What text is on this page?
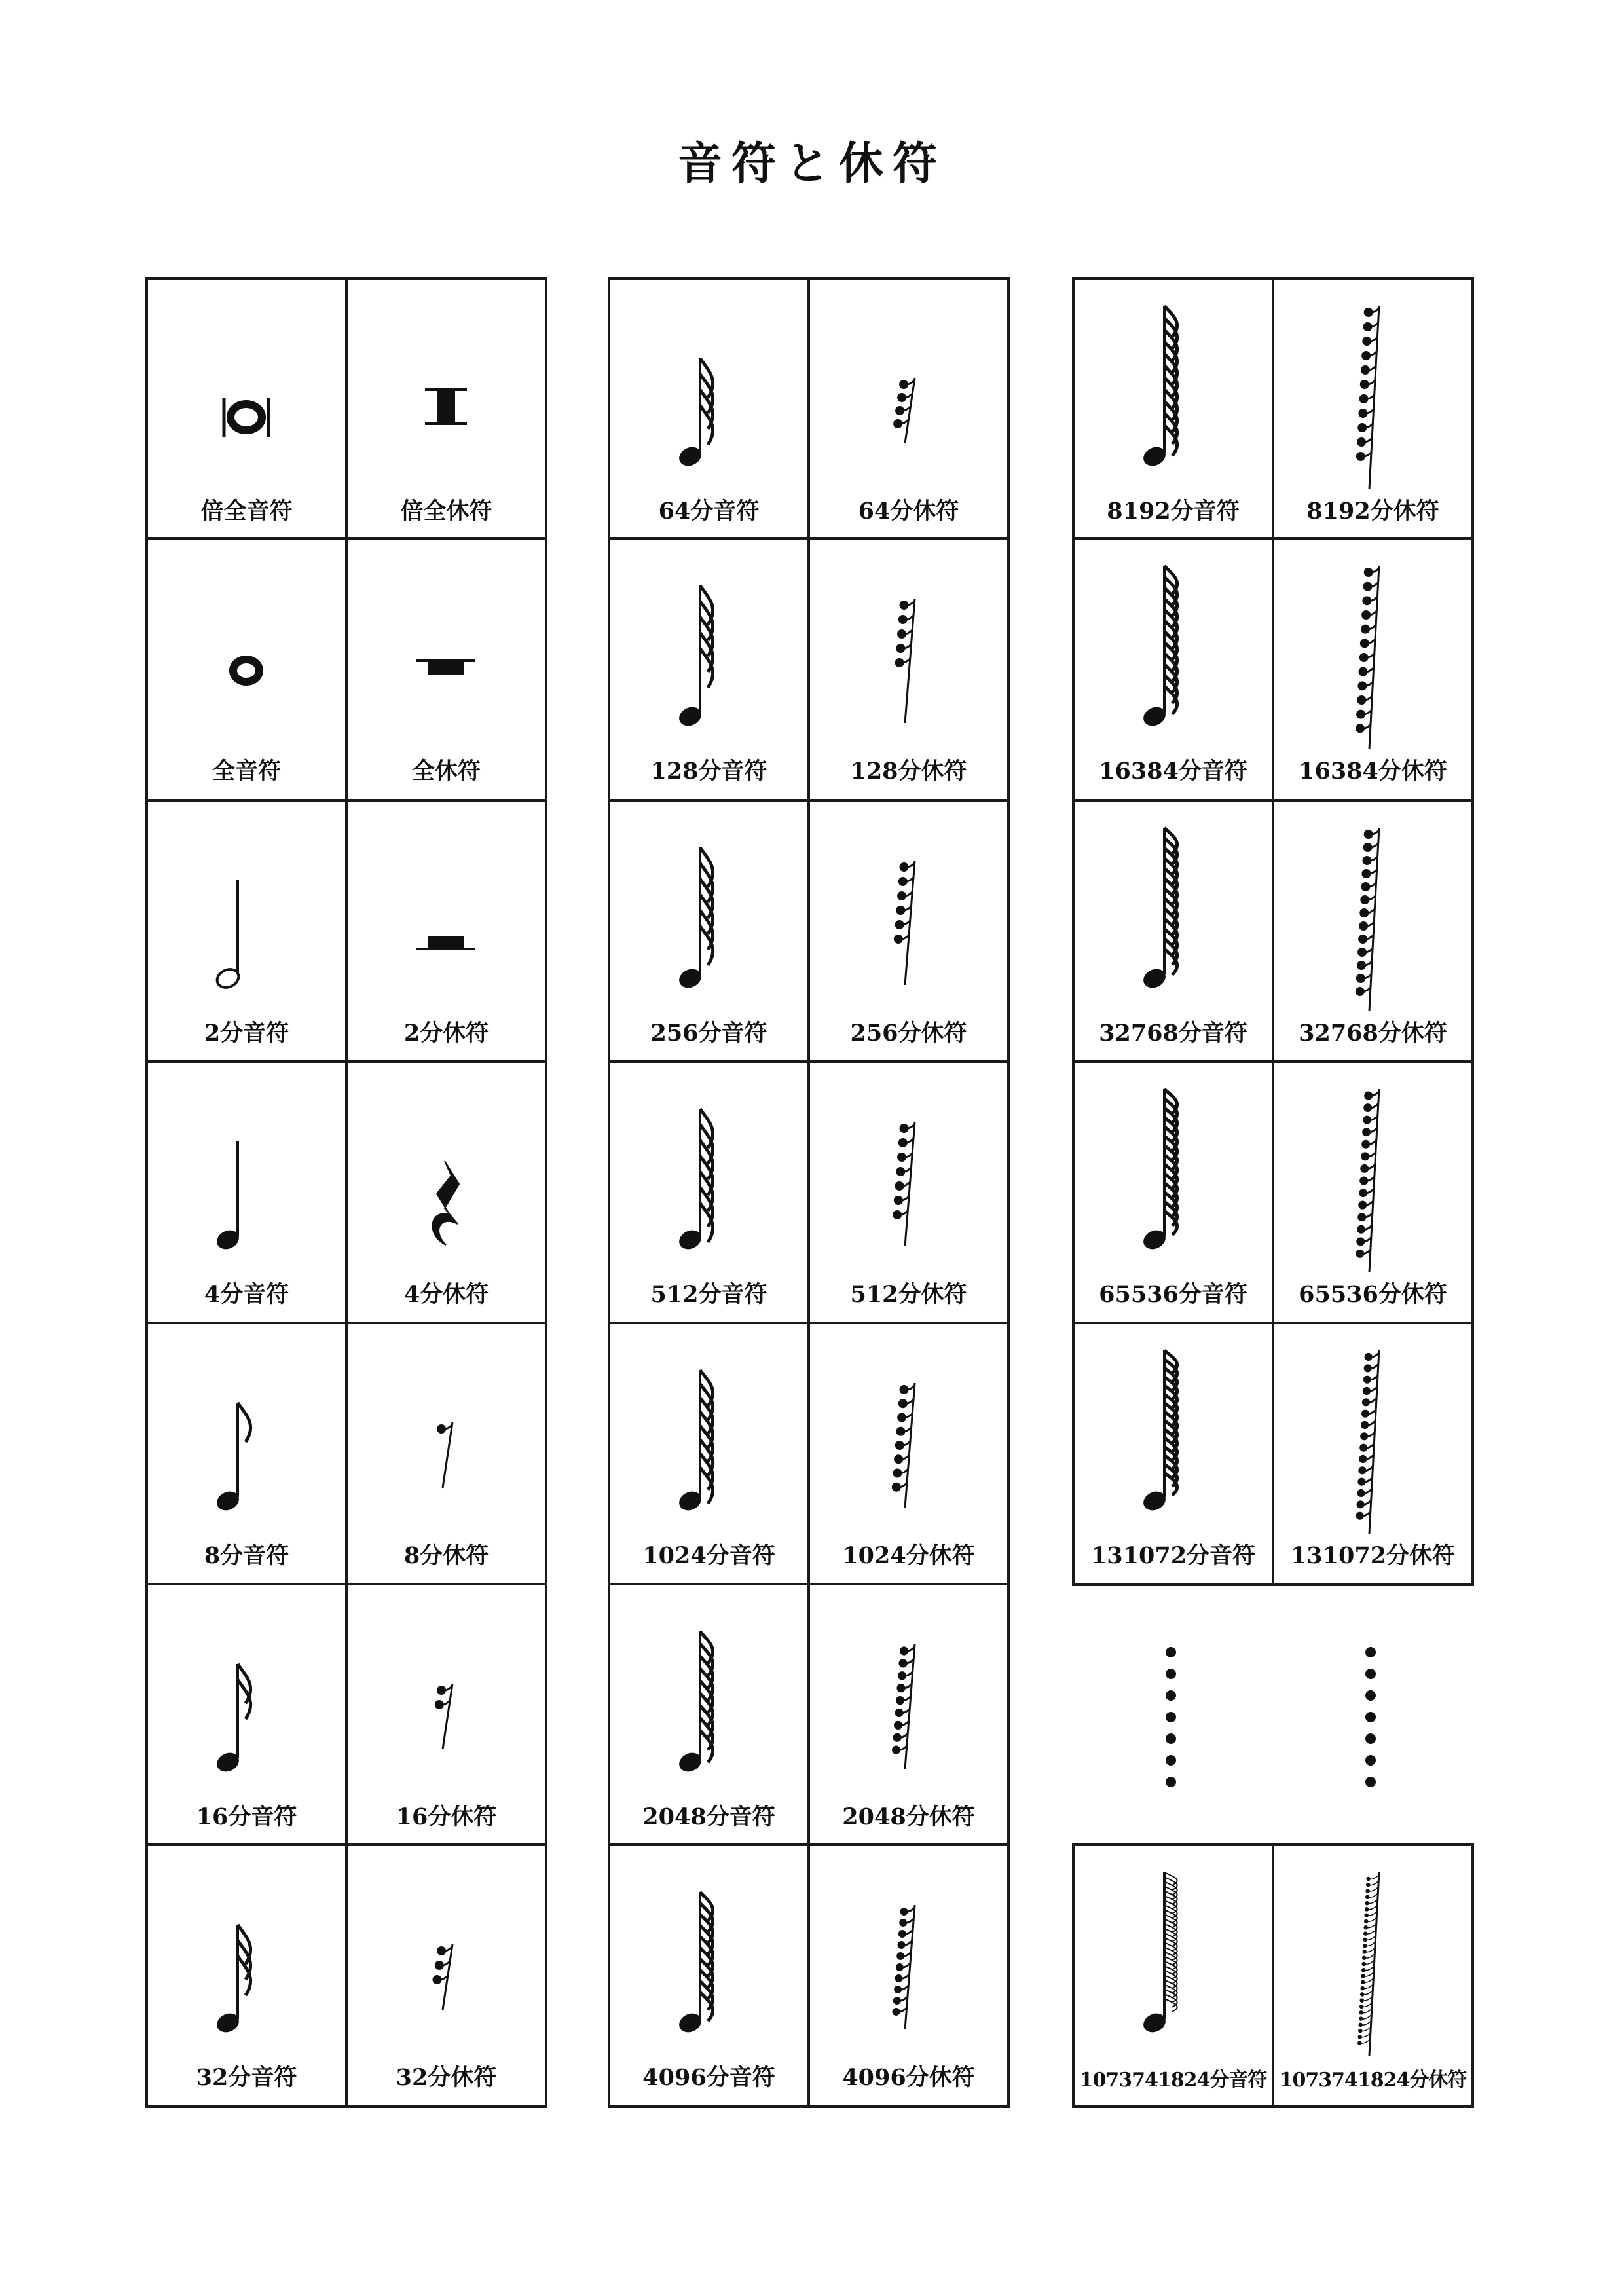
音符と休符
倍全音符	倍全休符
全音符	全休符
2分音符	2分休符
4分音符	4分休符
8分音符	8分休符
16分音符	16分休符
32分音符	32分休符
64分音符	64分休符
128分音符	128分休符
256分音符	256分休符
512分音符	512分休符
1024分音符	1024分休符
2048分音符	2048分休符
4096分音符	4096分休符
8192分音符	8192分休符
16384分音符	16384分休符
32768分音符	32768分休符
65536分音符	65536分休符
131072分音符	131072分休符
1073741824分音符 1073741824分休符
